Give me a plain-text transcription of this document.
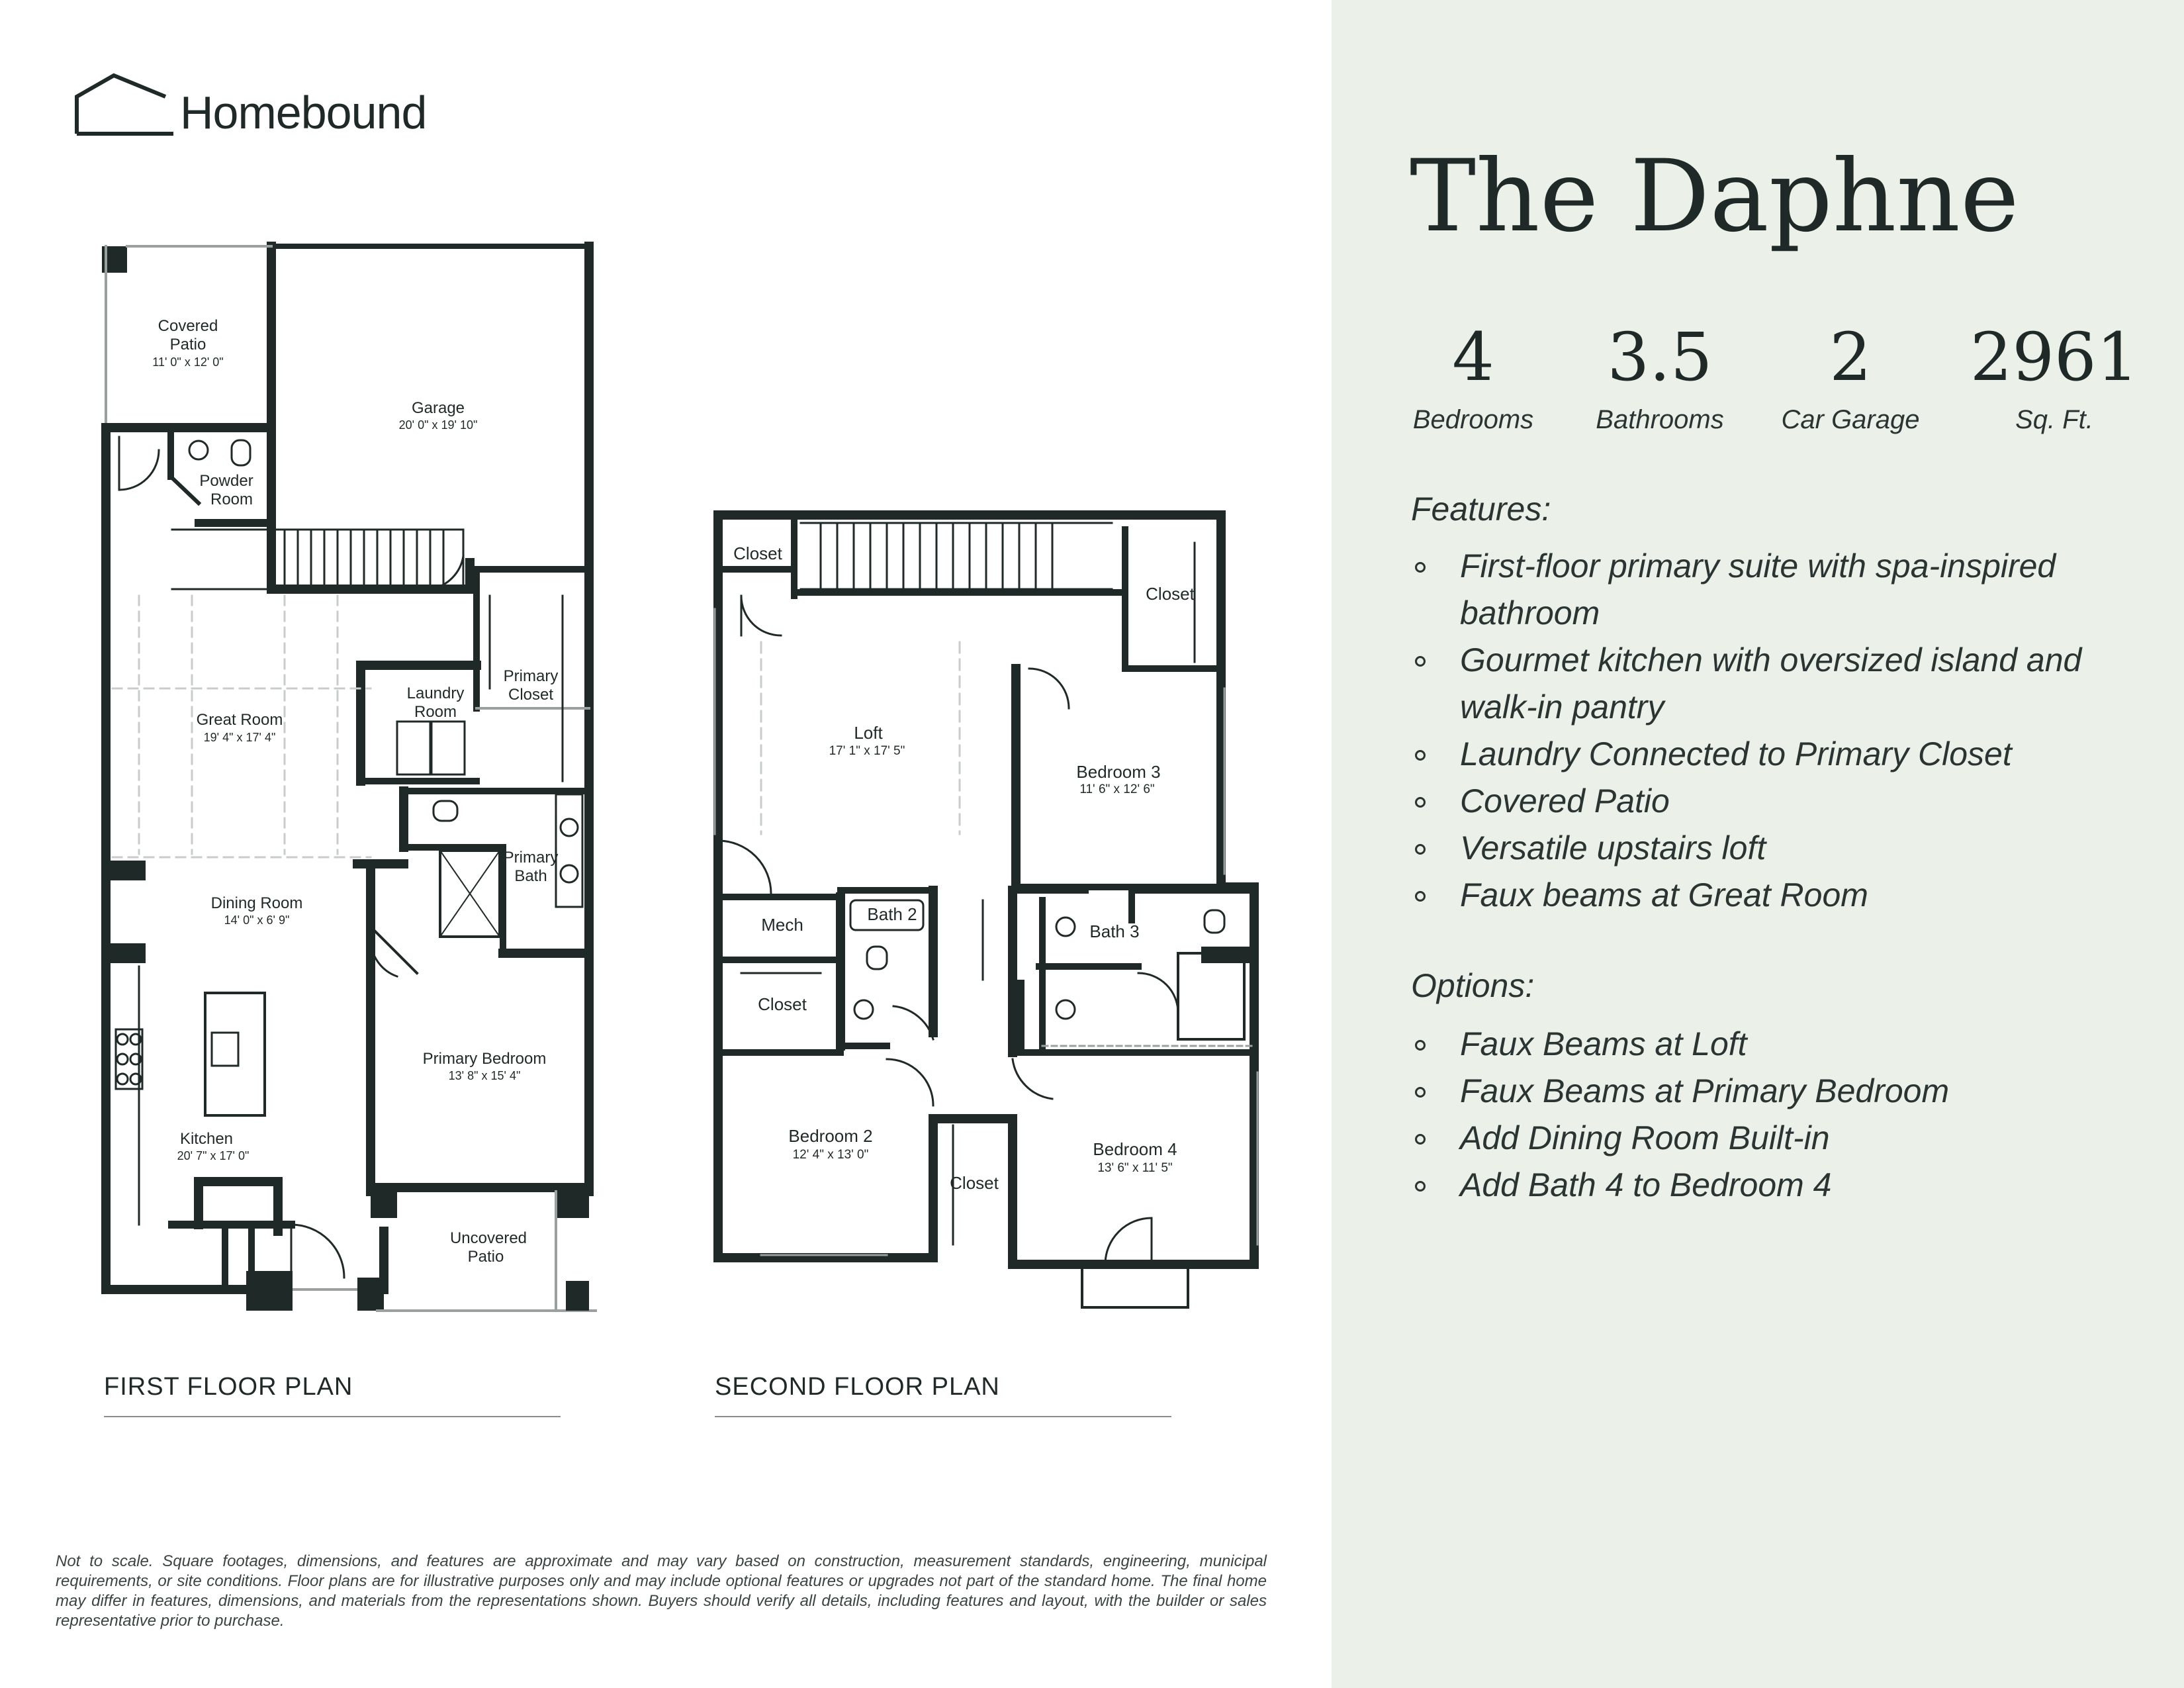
Homebound
The Daphne
4
Bedrooms
3.5
Bathrooms
2
Car Garage
2961
Sq. Ft.
Features:
First-floor primary suite with spa-inspired bathroom
Gourmet kitchen with oversized island and walk-in pantry
Laundry Connected to Primary Closet
Covered Patio
Versatile upstairs loft
Faux beams at Great Room
Options:
Faux Beams at Loft
Faux Beams at Primary Bedroom
Add Dining Room Built-in
Add Bath 4 to Bedroom 4
Covered
Patio
11' 0" x 12' 0"
Garage
20' 0" x 19' 10"
Powder
Room
Great Room
19' 4" x 17' 4"
Laundry
Room
Primary
Closet
Primary
Bath
Dining Room
14' 0" x 6' 9"
Primary Bedroom
13' 8" x 15' 4"
Kitchen
20' 7" x 17' 0"
Uncovered
Patio
FIRST FLOOR PLAN
Closet
Closet
Loft
17' 1" x 17' 5"
Bedroom 3
11' 6" x 12' 6"
Mech
Bath 2
Bath 3
Closet
Bedroom 2
12' 4" x 13' 0"
Closet
Bedroom 4
13' 6" x 11' 5"
SECOND FLOOR PLAN
Not to scale. Square footages, dimensions, and features are approximate and may vary based on construction, measurement standards, engineering, municipal requirements, or site conditions. Floor plans are for illustrative purposes only and may include optional features or upgrades not part of the standard home. The final home may differ in features, dimensions, and materials from the representations shown. Buyers should verify all details, including features and layout, with the builder or sales representative prior to purchase.
